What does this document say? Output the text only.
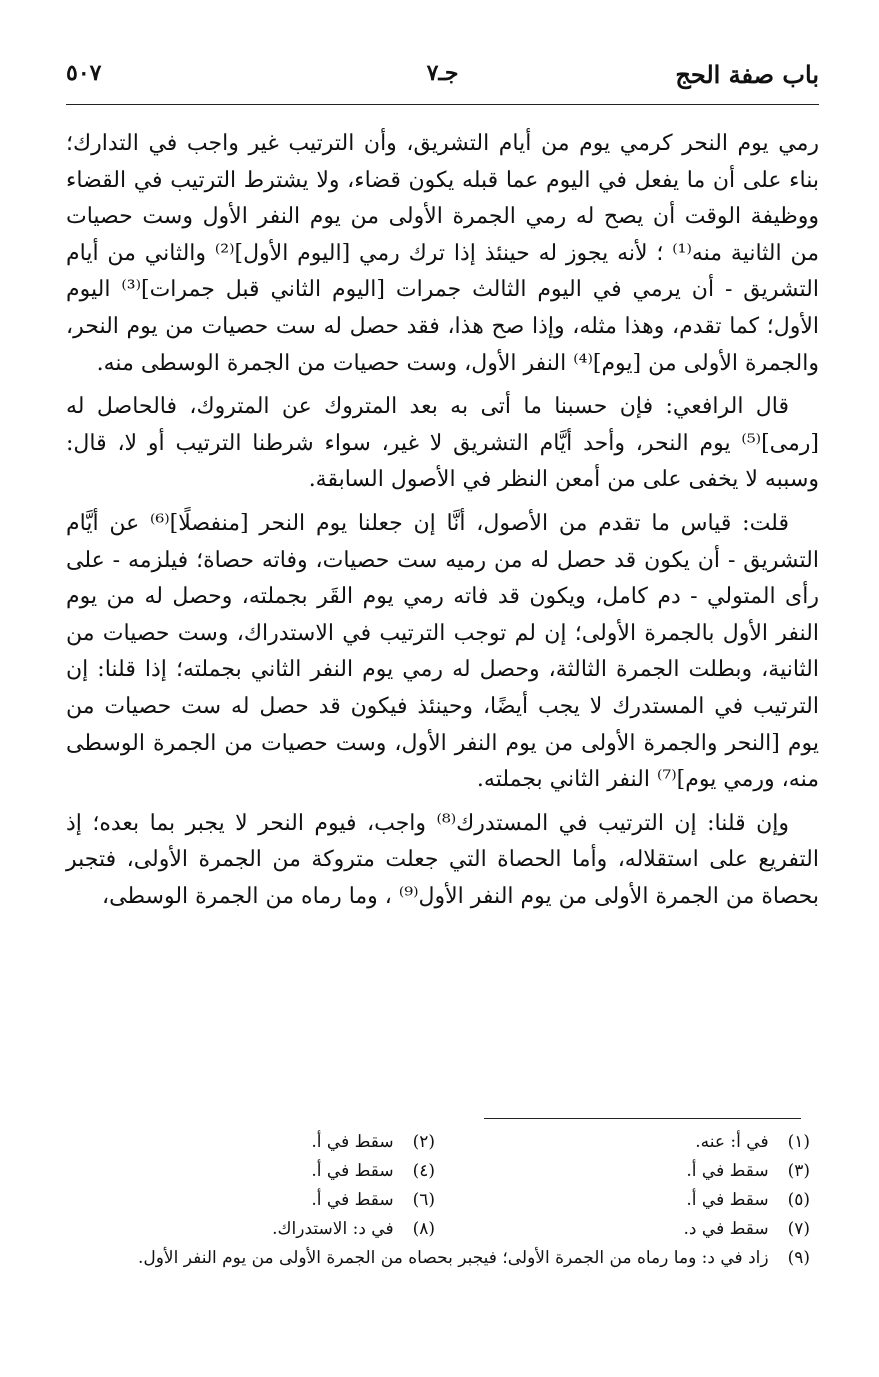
باب صفة الحج
جـ٧
٥٠٧

رمي يوم النحر كرمي يوم من أيام التشريق، وأن الترتيب غير واجب في التدارك؛ بناء على أن ما يفعل في اليوم عما قبله يكون قضاء، ولا يشترط الترتيب في القضاء ووظيفة الوقت أن يصح له رمي الجمرة الأولى من يوم النفر الأول وست حصيات من الثانية منه⁽¹⁾ ؛ لأنه يجوز له حينئذ إذا ترك رمي [اليوم الأول]⁽²⁾ والثاني من أيام التشريق - أن يرمي في اليوم الثالث جمرات [اليوم الثاني قبل جمرات]⁽³⁾ اليوم الأول؛ كما تقدم، وهذا مثله، وإذا صح هذا، فقد حصل له ست حصيات من يوم النحر، والجمرة الأولى من [يوم]⁽⁴⁾ النفر الأول، وست حصيات من الجمرة الوسطى منه.

قال الرافعي: فإن حسبنا ما أتى به بعد المتروك عن المتروك، فالحاصل له [رمى]⁽⁵⁾ يوم النحر، وأحد أيَّام التشريق لا غير، سواء شرطنا الترتيب أو لا، قال: وسببه لا يخفى على من أمعن النظر في الأصول السابقة.

قلت: قياس ما تقدم من الأصول، أنَّا إن جعلنا يوم النحر [منفصلًا]⁽⁶⁾ عن أيَّام التشريق - أن يكون قد حصل له من رميه ست حصيات، وفاته حصاة؛ فيلزمه - على رأى المتولي - دم كامل، ويكون قد فاته رمي يوم القَر بجملته، وحصل له من يوم النفر الأول بالجمرة الأولى؛ إن لم توجب الترتيب في الاستدراك، وست حصيات من الثانية، وبطلت الجمرة الثالثة، وحصل له رمي يوم النفر الثاني بجملته؛ إذا قلنا: إن الترتيب في المستدرك لا يجب أيضًا، وحينئذ فيكون قد حصل له ست حصيات من يوم [النحر والجمرة الأولى من يوم النفر الأول، وست حصيات من الجمرة الوسطى منه، ورمي يوم]⁽⁷⁾ النفر الثاني بجملته.

وإن قلنا: إن الترتيب في المستدرك⁽⁸⁾ واجب، فيوم النحر لا يجبر بما بعده؛ إذ التفريع على استقلاله، وأما الحصاة التي جعلت متروكة من الجمرة الأولى، فتجبر بحصاة من الجمرة الأولى من يوم النفر الأول⁽⁹⁾ ، وما رماه من الجمرة الوسطى،

(١) في أ: عنه.
(٢) سقط في أ.
(٣) سقط في أ.
(٤) سقط في أ.
(٥) سقط في أ.
(٦) سقط في أ.
(٧) سقط في د.
(٨) في د: الاستدراك.
(٩) زاد في د: وما رماه من الجمرة الأولى؛ فيجبر بحصاه من الجمرة الأولى من يوم النفر الأول.
